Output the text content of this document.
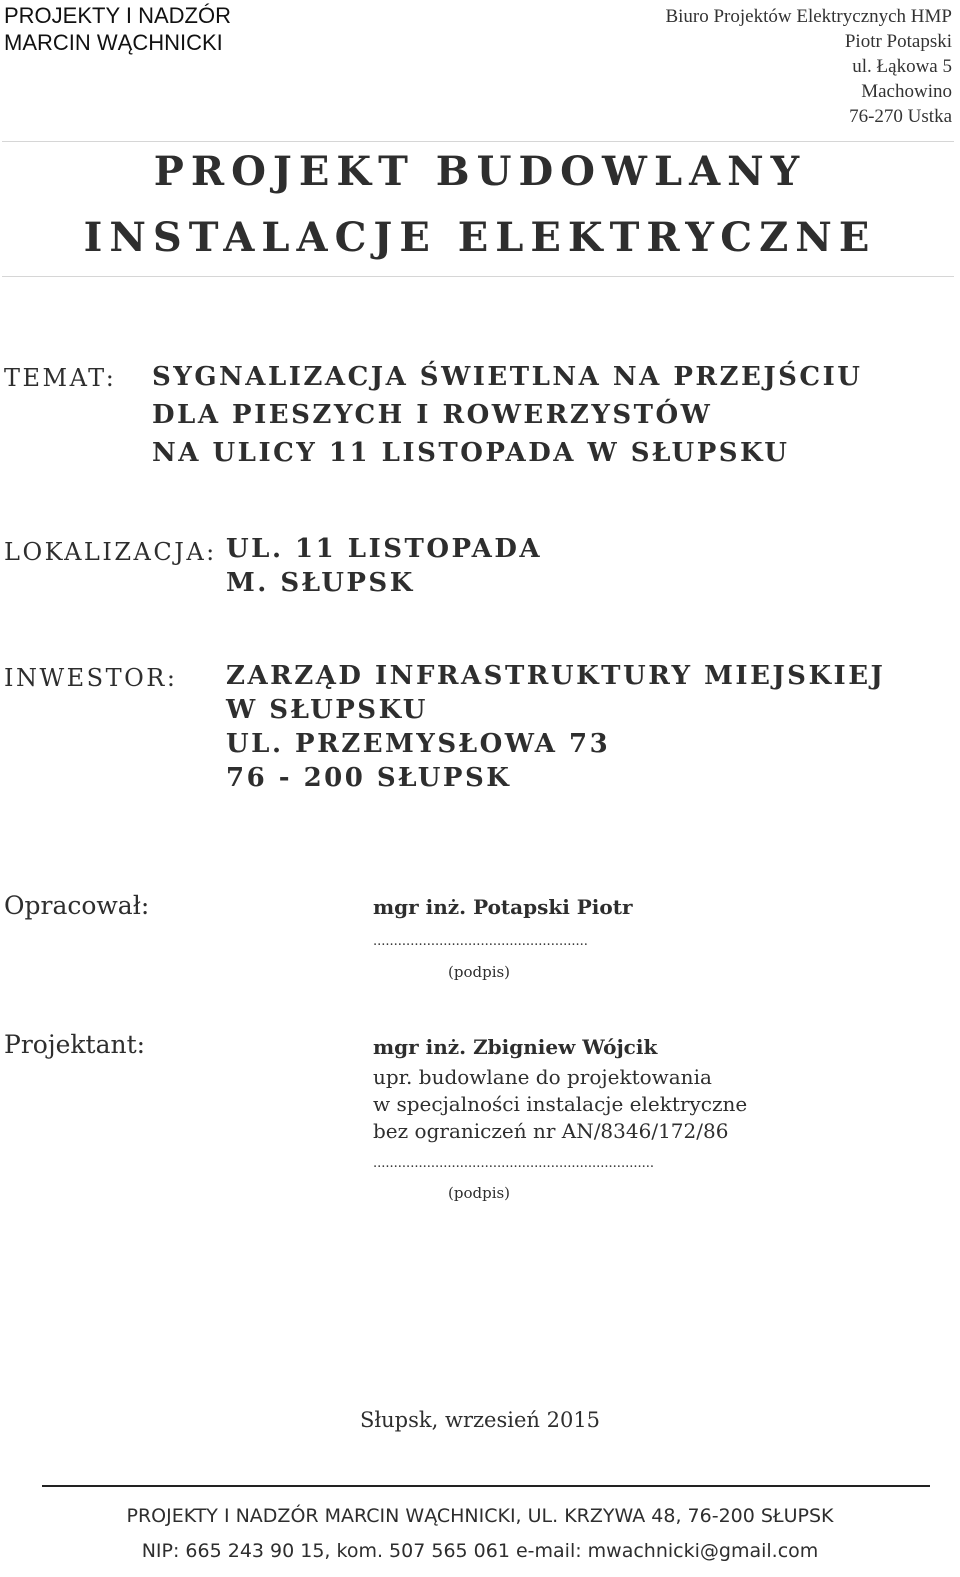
PROJEKTY I NADZÓR
MARCIN WĄCHNICKI
Biuro Projektów Elektrycznych HMP
Piotr Potapski
ul. Łąkowa 5
Machowino
76-270 Ustka
PROJEKT BUDOWLANY
INSTALACJE ELEKTRYCZNE
TEMAT: SYGNALIZACJA ŚWIETLNA NA PRZEJŚCIU
DLA PIESZYCH I ROWERZYSTÓW
NA ULICY 11 LISTOPADA W SŁUPSKU
LOKALIZACJA: UL. 11 LISTOPADA
M. SŁUPSK
INWESTOR: ZARZĄD INFRASTRUKTURY MIEJSKIEJ
W SŁUPSKU
UL. PRZEMYSŁOWA 73
76 - 200 SŁUPSK
Opracował:	mgr inż. Potapski Piotr
....................................................
(podpis)
Projektant:	mgr inż. Zbigniew Wójcik
upr. budowlane do projektowania
w specjalności instalacje elektryczne
bez ograniczeń nr AN/8346/172/86
....................................................................
(podpis)
Słupsk, wrzesień 2015
PROJEKTY I NADZÓR MARCIN WĄCHNICKI, UL. KRZYWA 48, 76-200 SŁUPSK
NIP: 665 243 90 15, kom. 507 565 061 e-mail: mwachnicki@gmail.com
